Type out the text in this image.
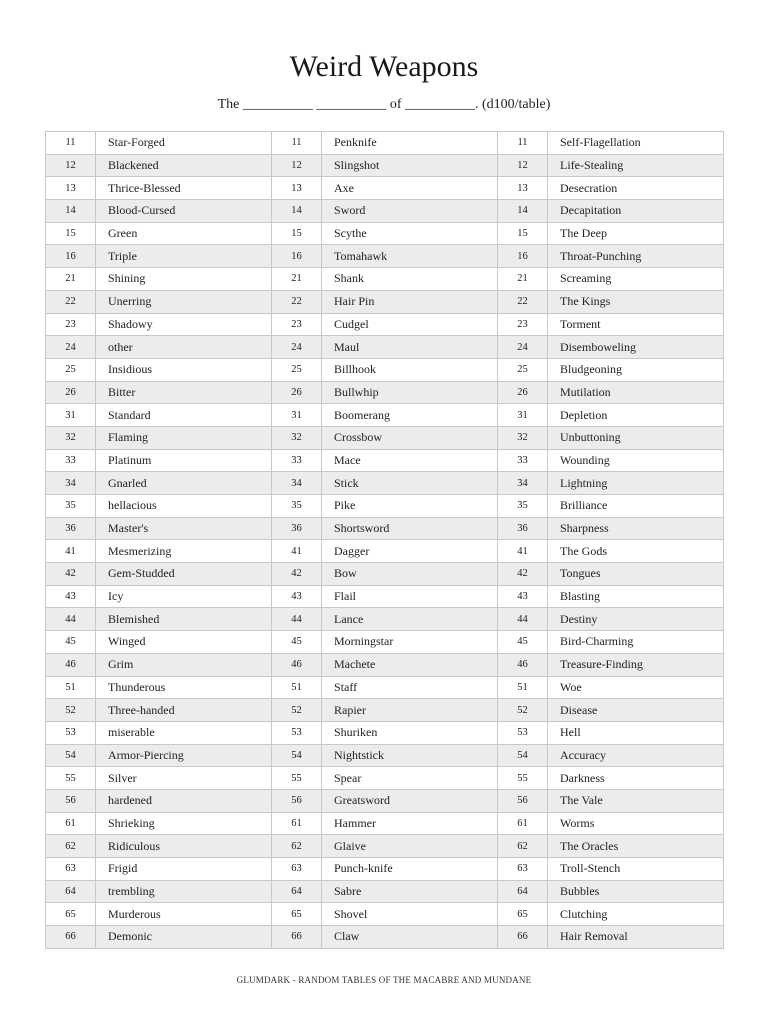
Weird Weapons
The __________ __________ of __________. (d100/table)
11	Star-Forged	11	Penknife	11	Self-Flagellation
12	Blackened	12	Slingshot	12	Life-Stealing
13	Thrice-Blessed	13	Axe	13	Desecration
14	Blood-Cursed	14	Sword	14	Decapitation
15	Green	15	Scythe	15	The Deep
16	Triple	16	Tomahawk	16	Throat-Punching
21	Shining	21	Shank	21	Screaming
22	Unerring	22	Hair Pin	22	The Kings
23	Shadowy	23	Cudgel	23	Torment
24	other	24	Maul	24	Disemboweling
25	Insidious	25	Billhook	25	Bludgeoning
26	Bitter	26	Bullwhip	26	Mutilation
31	Standard	31	Boomerang	31	Depletion
32	Flaming	32	Crossbow	32	Unbuttoning
33	Platinum	33	Mace	33	Wounding
34	Gnarled	34	Stick	34	Lightning
35	hellacious	35	Pike	35	Brilliance
36	Master's	36	Shortsword	36	Sharpness
41	Mesmerizing	41	Dagger	41	The Gods
42	Gem-Studded	42	Bow	42	Tongues
43	Icy	43	Flail	43	Blasting
44	Blemished	44	Lance	44	Destiny
45	Winged	45	Morningstar	45	Bird-Charming
46	Grim	46	Machete	46	Treasure-Finding
51	Thunderous	51	Staff	51	Woe
52	Three-handed	52	Rapier	52	Disease
53	miserable	53	Shuriken	53	Hell
54	Armor-Piercing	54	Nightstick	54	Accuracy
55	Silver	55	Spear	55	Darkness
56	hardened	56	Greatsword	56	The Vale
61	Shrieking	61	Hammer	61	Worms
62	Ridiculous	62	Glaive	62	The Oracles
63	Frigid	63	Punch-knife	63	Troll-Stench
64	trembling	64	Sabre	64	Bubbles
65	Murderous	65	Shovel	65	Clutching
66	Demonic	66	Claw	66	Hair Removal
GLUMDARK - RANDOM TABLES OF THE MACABRE AND MUNDANE
